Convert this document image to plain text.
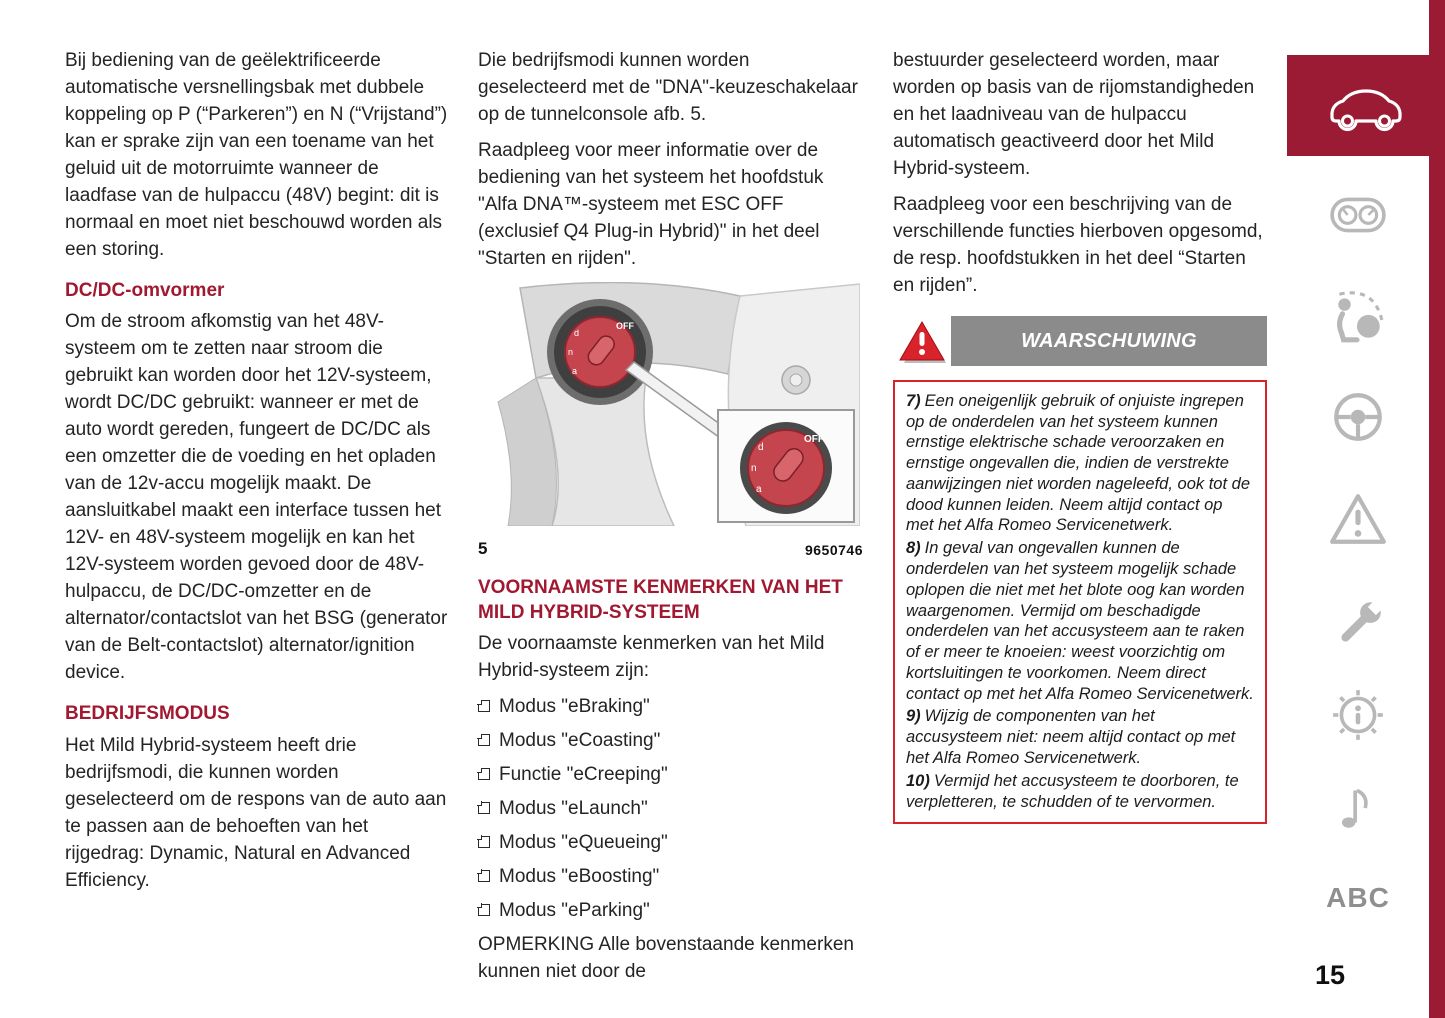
Bij bediening van de geëlektrificeerde automatische versnellingsbak met dubbele koppeling op P (“Parkeren”) en N (“Vrijstand”) kan er sprake zijn van een toename van het geluid uit de motorruimte wanneer de laadfase van de hulpaccu (48V) begint: dit is normaal en moet niet beschouwd worden als een storing.

DC/DC-omvormer

Om de stroom afkomstig van het 48V-systeem om te zetten naar stroom die gebruikt kan worden door het 12V-systeem, wordt DC/DC gebruikt: wanneer er met de auto wordt gereden, fungeert de DC/DC als een omzetter die de voeding en het opladen van de 12v-accu mogelijk maakt. De aansluitkabel maakt een interface tussen het 12V- en 48V-systeem mogelijk en kan het 12V-systeem worden gevoed door de 48V-hulpaccu, de DC/DC-omzetter en de alternator/contactslot van het BSG (generator van de Belt-contactslot) alternator/ignition device.

BEDRIJFSMODUS

Het Mild Hybrid-systeem heeft drie bedrijfsmodi, die kunnen worden geselecteerd om de respons van de auto aan te passen aan de behoeften van het rijgedrag: Dynamic, Natural en Advanced Efficiency.

Die bedrijfsmodi kunnen worden geselecteerd met de "DNA"-keuzeschakelaar op de tunnelconsole afb. 5.

Raadpleeg voor meer informatie over de bediening van het systeem het hoofdstuk "Alfa DNA™-systeem met ESC OFF (exclusief Q4 Plug-in Hybrid)" in het deel "Starten en rijden".

OFF
d
n
a
OFF
d
n
a
5	9650746
VOORNAAMSTE KENMERKEN VAN HET MILD HYBRID-SYSTEEM

De voornaamste kenmerken van het Mild Hybrid-systeem zijn:

Modus "eBraking"
Modus "eCoasting"
Functie "eCreeping"
Modus "eLaunch"
Modus "eQueueing"
Modus "eBoosting"
Modus "eParking"

OPMERKING Alle bovenstaande kenmerken kunnen niet door de

bestuurder geselecteerd worden, maar worden op basis van de rijomstandigheden en het laadniveau van de hulpaccu automatisch geactiveerd door het Mild Hybrid-systeem.

Raadpleeg voor een beschrijving van de verschillende functies hierboven opgesomd, de resp. hoofdstukken in het deel “Starten en rijden”.

WAARSCHUWING

7) Een oneigenlijk gebruik of onjuiste ingrepen op de onderdelen van het systeem kunnen ernstige elektrische schade veroorzaken en ernstige ongevallen die, indien de verstrekte aanwijzingen niet worden nageleefd, ook tot de dood kunnen leiden. Neem altijd contact op met het Alfa Romeo Servicenetwerk.

8) In geval van ongevallen kunnen de onderdelen van het systeem mogelijk schade oplopen die niet met het blote oog kan worden waargenomen. Vermijd om beschadigde onderdelen van het accusysteem aan te raken of er meer te knoeien: weest voorzichtig om kortsluitingen te voorkomen. Neem direct contact op met het Alfa Romeo Servicenetwerk.

9) Wijzig de componenten van het accusysteem niet: neem altijd contact op met het Alfa Romeo Servicenetwerk.

10) Vermijd het accusysteem te doorboren, te verpletteren, te schudden of te vervormen.

ABC
15
